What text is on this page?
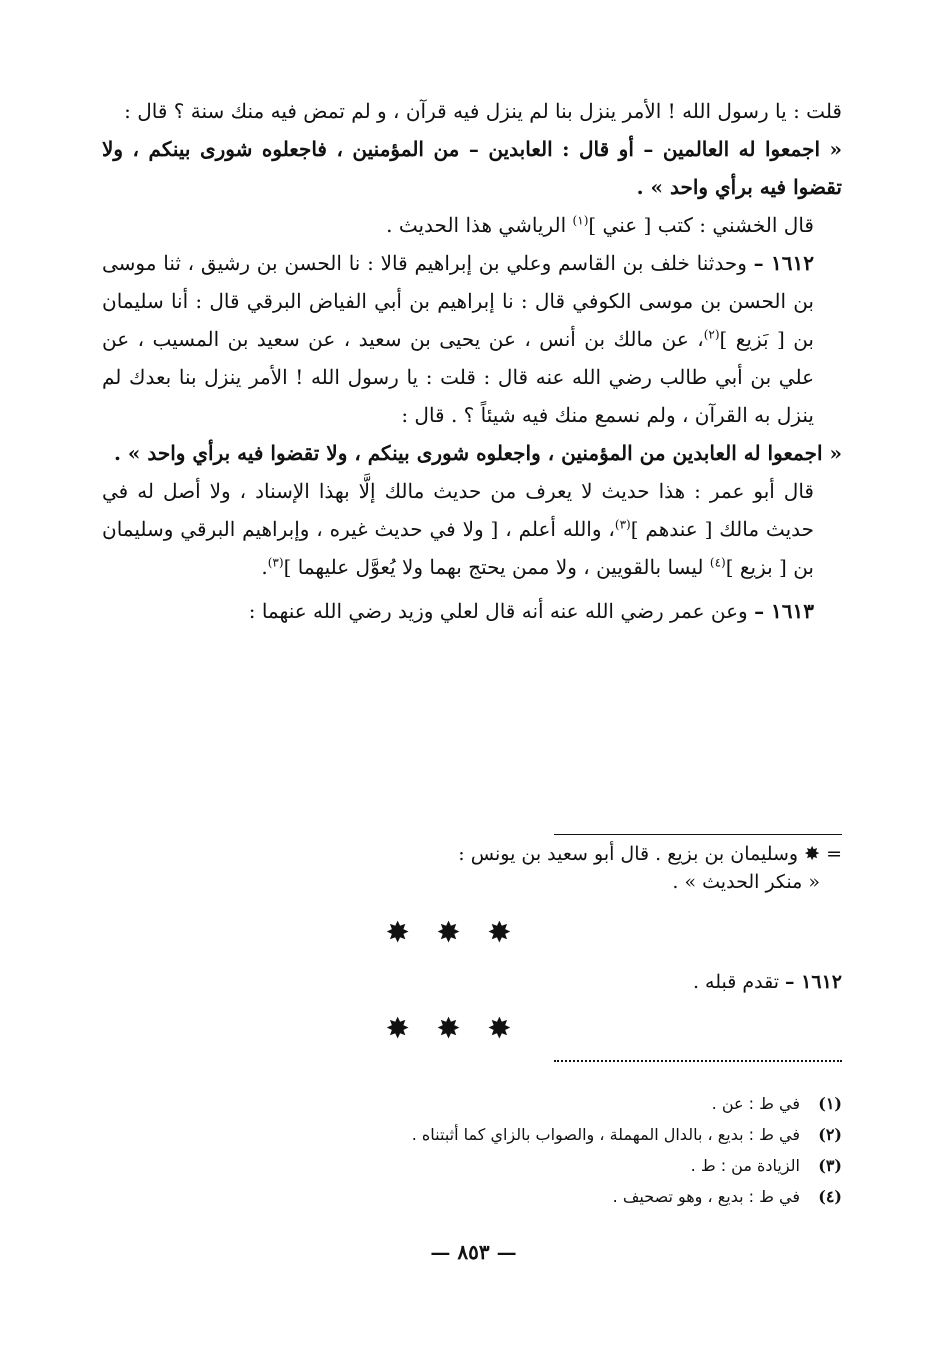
قلت : يا رسول الله ! الأمر ينزل بنا لم ينزل فيه قرآن ، و لم تمض فيه منك سنة ؟ قال :

« اجمعوا له العالمين – أو قال : العابدين – من المؤمنين ، فاجعلوه شورى بينكم ، ولا تقضوا فيه برأي واحد » .

قال الخشني : كتب [ عني ]$^{(١)}$ الرياشي هذا الحديث .

١٦١٢ – وحدثنا خلف بن القاسم وعلي بن إبراهيم قالا : نا الحسن بن رشيق ، ثنا موسى بن الحسن بن موسى الكوفي قال : نا إبراهيم بن أبي الفياض البرقي قال : أنا سليمان بن [ بَزيع ]$^{(٢)}$، عن مالك بن أنس ، عن يحيى بن سعيد ، عن سعيد بن المسيب ، عن علي بن أبي طالب رضي الله عنه قال : قلت : يا رسول الله ! الأمر ينزل بنا بعدك لم ينزل به القرآن ، ولم نسمع منك فيه شيئاً ؟ . قال :

« اجمعوا له العابدين من المؤمنين ، واجعلوه شورى بينكم ، ولا تقضوا فيه برأي واحد » .

قال أبو عمر : هذا حديث لا يعرف من حديث مالك إلَّا بهذا الإسناد ، ولا أصل له في حديث مالك [ عندهم ]$^{(٣)}$، والله أعلم ، [ ولا في حديث غيره ، وإبراهيم البرقي وسليمان بن [ بزيع ]$^{(٤)}$ ليسا بالقويين ، ولا ممن يحتج بهما ولا يُعوَّل عليهما ]$^{(٣)}$.

١٦١٣ – وعن عمر رضي الله عنه أنه قال لعلي وزيد رضي الله عنهما :

= ✸ وسليمان بن بزيع . قال أبو سعيد بن يونس :

« منكر الحديث » .

✸ ✸ ✸
١٦١٢ – تقدم قبله .
✸ ✸ ✸
(١)
في ط : عن .
(٢)
في ط : بديع ، بالدال المهملة ، والصواب بالزاي كما أثبتناه .
(٣)
الزيادة من : ط .
(٤)
في ط : بديع ، وهو تصحيف .
— ٨٥٣ —
